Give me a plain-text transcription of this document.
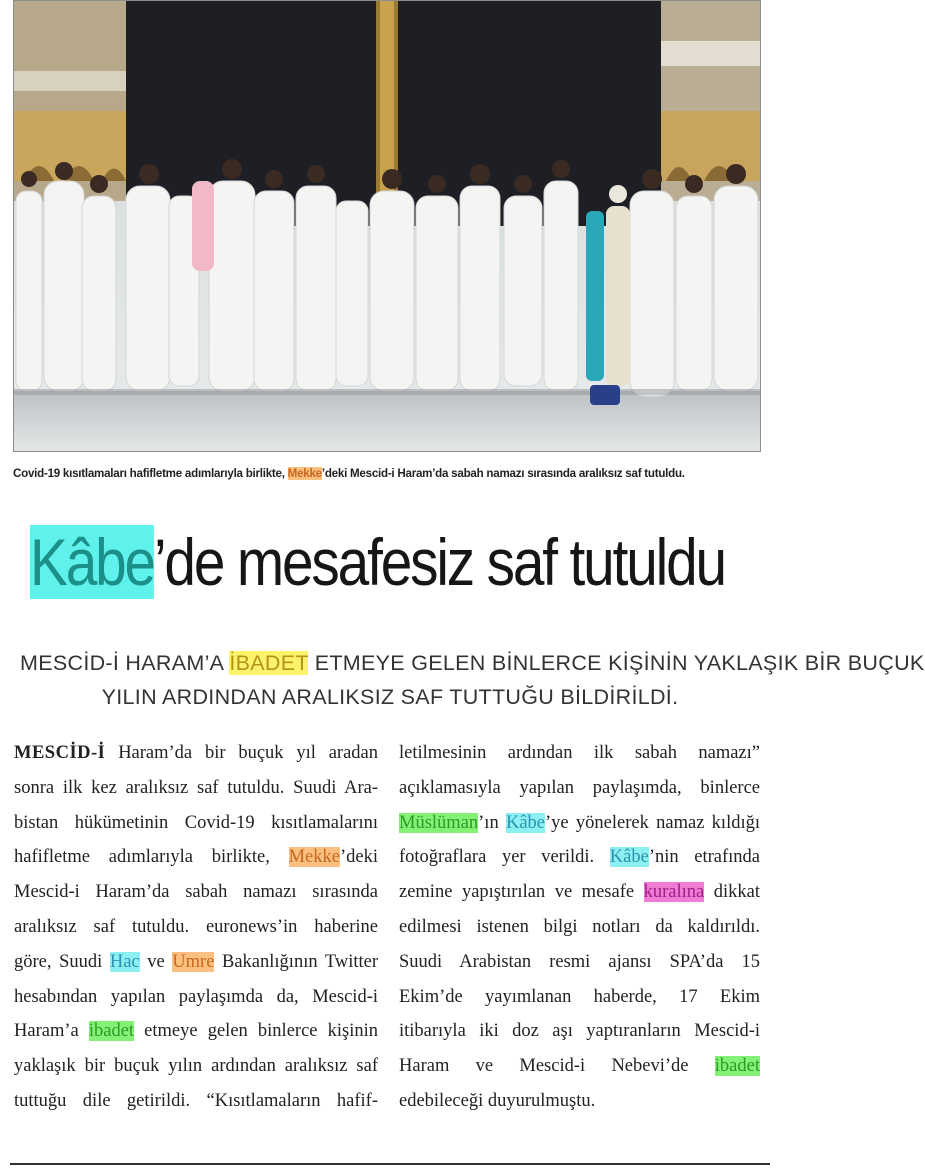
Covid-19 kısıtlamaları hafifletme adımlarıyla birlikte, Mekke’deki Mescid-i Haram’da sabah namazı sırasında aralıksız saf tutuldu.
Kâbe’de mesafesiz saf tutuldu
MESCİD-İ HARAM’A İBADET ETMEYE GELEN BİNLERCE KİŞİNİN YAKLAŞIK BİR BUÇUK
YILIN ARDINDAN ARALIKSIZ SAF TUTTUĞU BİLDİRİLDİ.
MESCİD-İ Haram’da bir buçuk yıl aradan
sonra ilk kez aralıksız saf tutuldu. Suudi Ara-
bistan hükümetinin Covid-19 kısıtlamalarını
hafifletme adımlarıyla birlikte, Mekke’deki
Mescid-i Haram’da sabah namazı sırasında
aralıksız saf tutuldu. euronews’in haberine
göre, Suudi Hac ve Umre Bakanlığının Twitter
hesabından yapılan paylaşımda da, Mescid-i
Haram’a ibadet etmeye gelen binlerce kişinin
yaklaşık bir buçuk yılın ardından aralıksız saf
tuttuğu dile getirildi. “Kısıtlamaların hafif-
letilmesinin ardından ilk sabah namazı”
açıklamasıyla yapılan paylaşımda, binlerce
Müslüman’ın Kâbe’ye yönelerek namaz kıldığı
fotoğraflara yer verildi. Kâbe’nin etrafında
zemine yapıştırılan ve mesafe kuralına dikkat
edilmesi istenen bilgi notları da kaldırıldı.
Suudi Arabistan resmi ajansı SPA’da 15
Ekim’de yayımlanan haberde, 17 Ekim
itibarıyla iki doz aşı yaptıranların Mescid-i
Haram ve Mescid-i Nebevi’de ibadet
edebileceği duyurulmuştu.
